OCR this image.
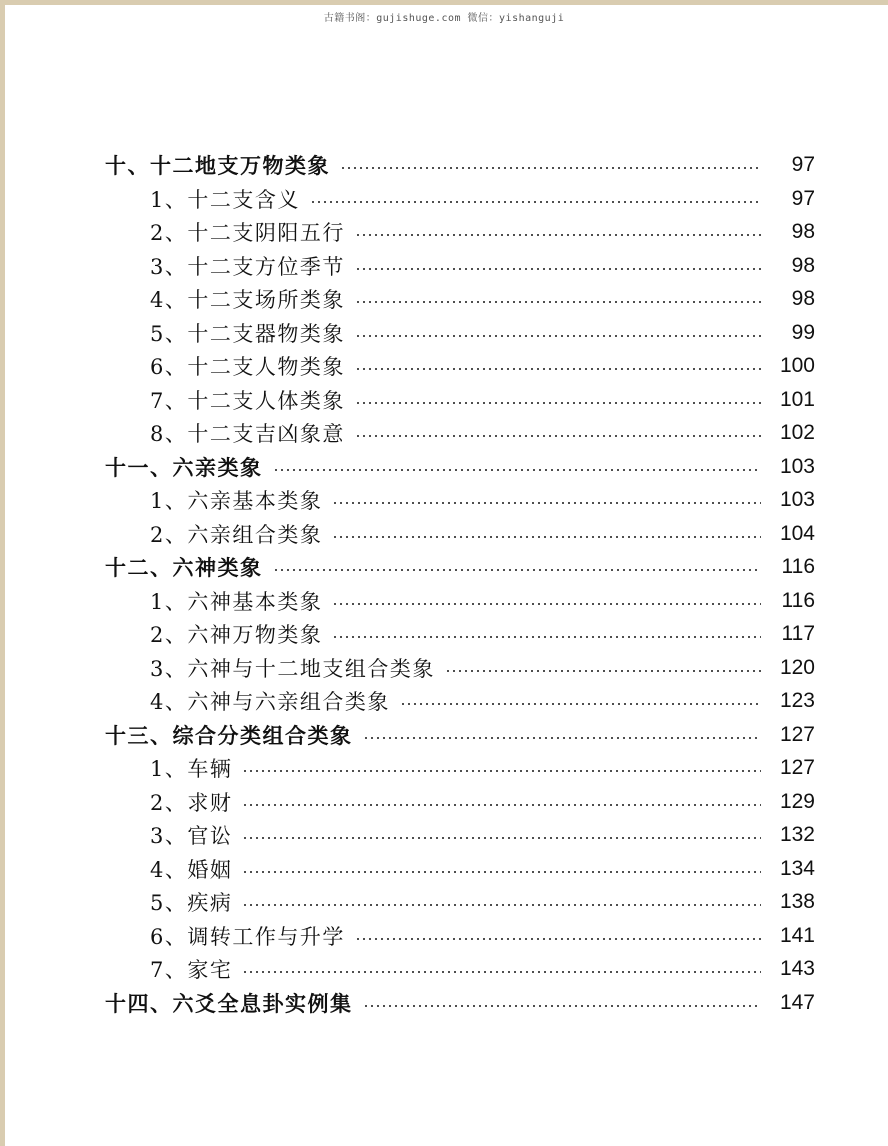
古籍书阁：gujishuge.com 微信：yishanguji
十、十二地支万物类象	97
1、十二支含义	97
2、十二支阴阳五行	98
3、十二支方位季节	98
4、十二支场所类象	98
5、十二支器物类象	99
6、十二支人物类象	100
7、十二支人体类象	101
8、十二支吉凶象意	102
十一、六亲类象	103
1、六亲基本类象	103
2、六亲组合类象	104
十二、六神类象	116
1、六神基本类象	116
2、六神万物类象	117
3、六神与十二地支组合类象	120
4、六神与六亲组合类象	123
十三、综合分类组合类象	127
1、车辆	127
2、求财	129
3、官讼	132
4、婚姻	134
5、疾病	138
6、调转工作与升学	141
7、家宅	143
十四、六爻全息卦实例集	147
